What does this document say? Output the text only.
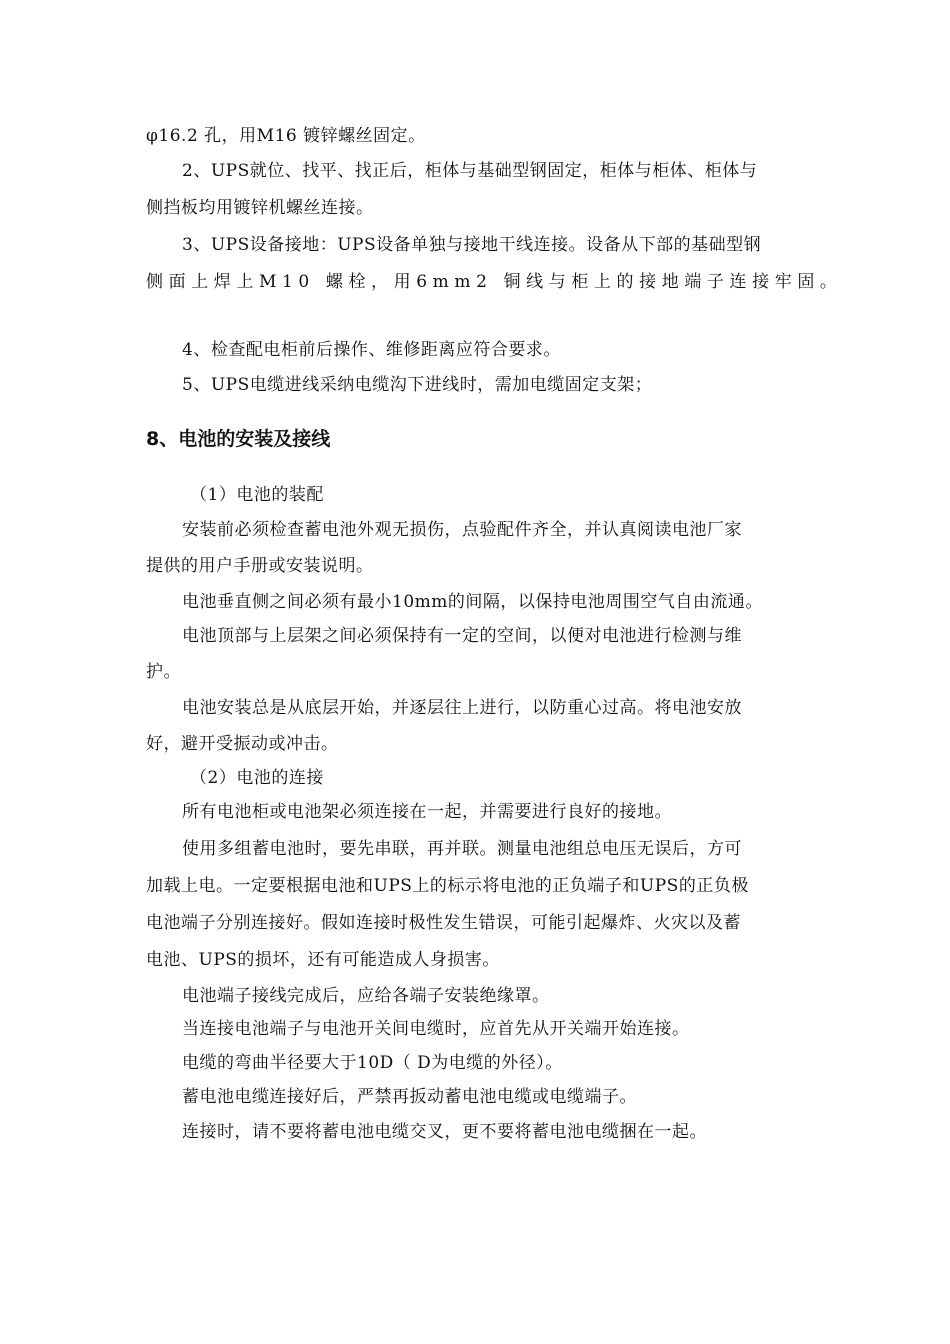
φ16.2 孔，用M16 镀锌螺丝固定。
2、UPS就位、找平、找正后，柜体与基础型钢固定，柜体与柜体、柜体与
侧挡板均用镀锌机螺丝连接。
3、UPS设备接地：UPS设备单独与接地干线连接。设备从下部的基础型钢
侧面上焊上M10 螺栓，用6mm2 铜线与柜上的接地端子连接牢固。
4、检查配电柜前后操作、维修距离应符合要求。
5、UPS电缆进线采纳电缆沟下进线时，需加电缆固定支架；
8、电池的安装及接线
（1）电池的装配
安装前必须检查蓄电池外观无损伤，点验配件齐全，并认真阅读电池厂家
提供的用户手册或安装说明。
电池垂直侧之间必须有最小10mm的间隔，以保持电池周围空气自由流通。
电池顶部与上层架之间必须保持有一定的空间，以便对电池进行检测与维
护。
电池安装总是从底层开始，并逐层往上进行，以防重心过高。将电池安放
好，避开受振动或冲击。
（2）电池的连接
所有电池柜或电池架必须连接在一起，并需要进行良好的接地。
使用多组蓄电池时，要先串联，再并联。测量电池组总电压无误后，方可
加载上电。一定要根据电池和UPS上的标示将电池的正负端子和UPS的正负极
电池端子分别连接好。假如连接时极性发生错误，可能引起爆炸、火灾以及蓄
电池、UPS的损坏，还有可能造成人身损害。
电池端子接线完成后，应给各端子安装绝缘罩。
当连接电池端子与电池开关间电缆时，应首先从开关端开始连接。
电缆的弯曲半径要大于10D（ D为电缆的外径）。
蓄电池电缆连接好后，严禁再扳动蓄电池电缆或电缆端子。
连接时，请不要将蓄电池电缆交叉，更不要将蓄电池电缆捆在一起。
